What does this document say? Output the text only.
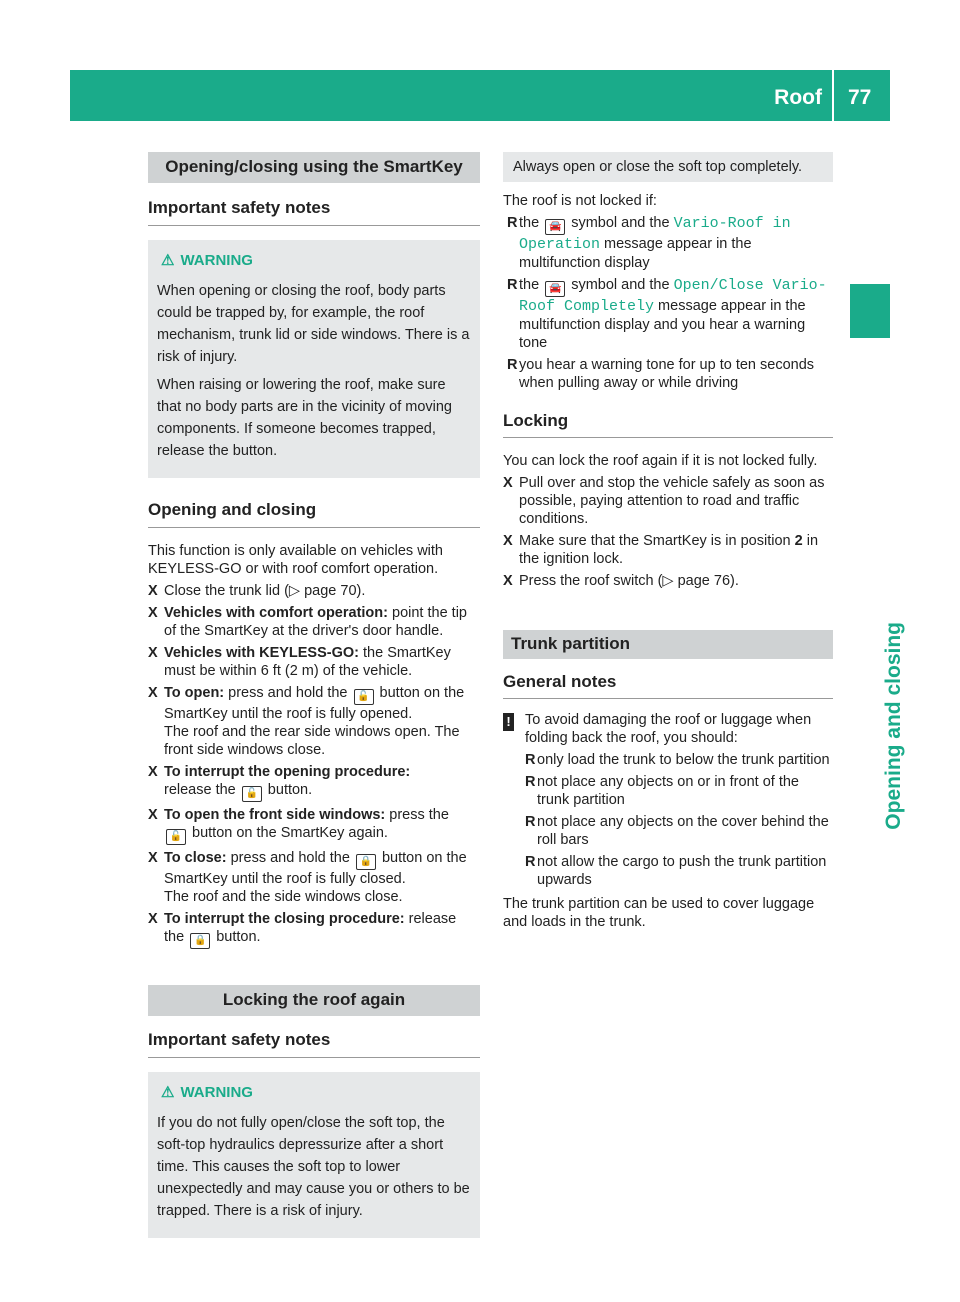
Roof 77
Opening and closing
Opening/closing using the SmartKey
Important safety notes
⚠ WARNING

When opening or closing the roof, body parts could be trapped by, for example, the roof mechanism, trunk lid or side windows. There is a risk of injury.

When raising or lowering the roof, make sure that no body parts are in the vicinity of moving components. If someone becomes trapped, release the button.

Opening and closing

This function is only available on vehicles with KEYLESS-GO or with roof comfort operation.

X Close the trunk lid (▷ page 70).
X Vehicles with comfort operation: point the tip of the SmartKey at the driver's door handle.
X Vehicles with KEYLESS-GO: the SmartKey must be within 6 ft (2 m) of the vehicle.
X To open: press and hold the 🔓 button on the SmartKey until the roof is fully opened.
The roof and the rear side windows open. The front side windows close.
X To interrupt the opening procedure:
release the 🔓 button.
X To open the front side windows: press the
🔓 button on the SmartKey again.
X To close: press and hold the 🔒 button on the SmartKey until the roof is fully closed.
The roof and the side windows close.
X To interrupt the closing procedure: release the 🔒 button.
Locking the roof again
Important safety notes
⚠ WARNING

If you do not fully open/close the soft top, the soft-top hydraulics depressurize after a short time. This causes the soft top to lower unexpectedly and may cause you or others to be trapped. There is a risk of injury.

Always open or close the soft top completely.

The roof is not locked if:

R the 🚘 symbol and the Vario-Roof in Operation message appear in the multifunction display
R the 🚘 symbol and the Open/Close Vario-Roof Completely message appear in the multifunction display and you hear a warning tone
R you hear a warning tone for up to ten seconds when pulling away or while driving
Locking

You can lock the roof again if it is not locked fully.

X Pull over and stop the vehicle safely as soon as possible, paying attention to road and traffic conditions.
X Make sure that the SmartKey is in position 2 in the ignition lock.
X Press the roof switch (▷ page 76).
Trunk partition
General notes
! To avoid damaging the roof or luggage when folding back the roof, you should:
R only load the trunk to below the trunk partition
R not place any objects on or in front of the trunk partition
R not place any objects on the cover behind the roll bars
R not allow the cargo to push the trunk partition upwards

The trunk partition can be used to cover luggage and loads in the trunk.
